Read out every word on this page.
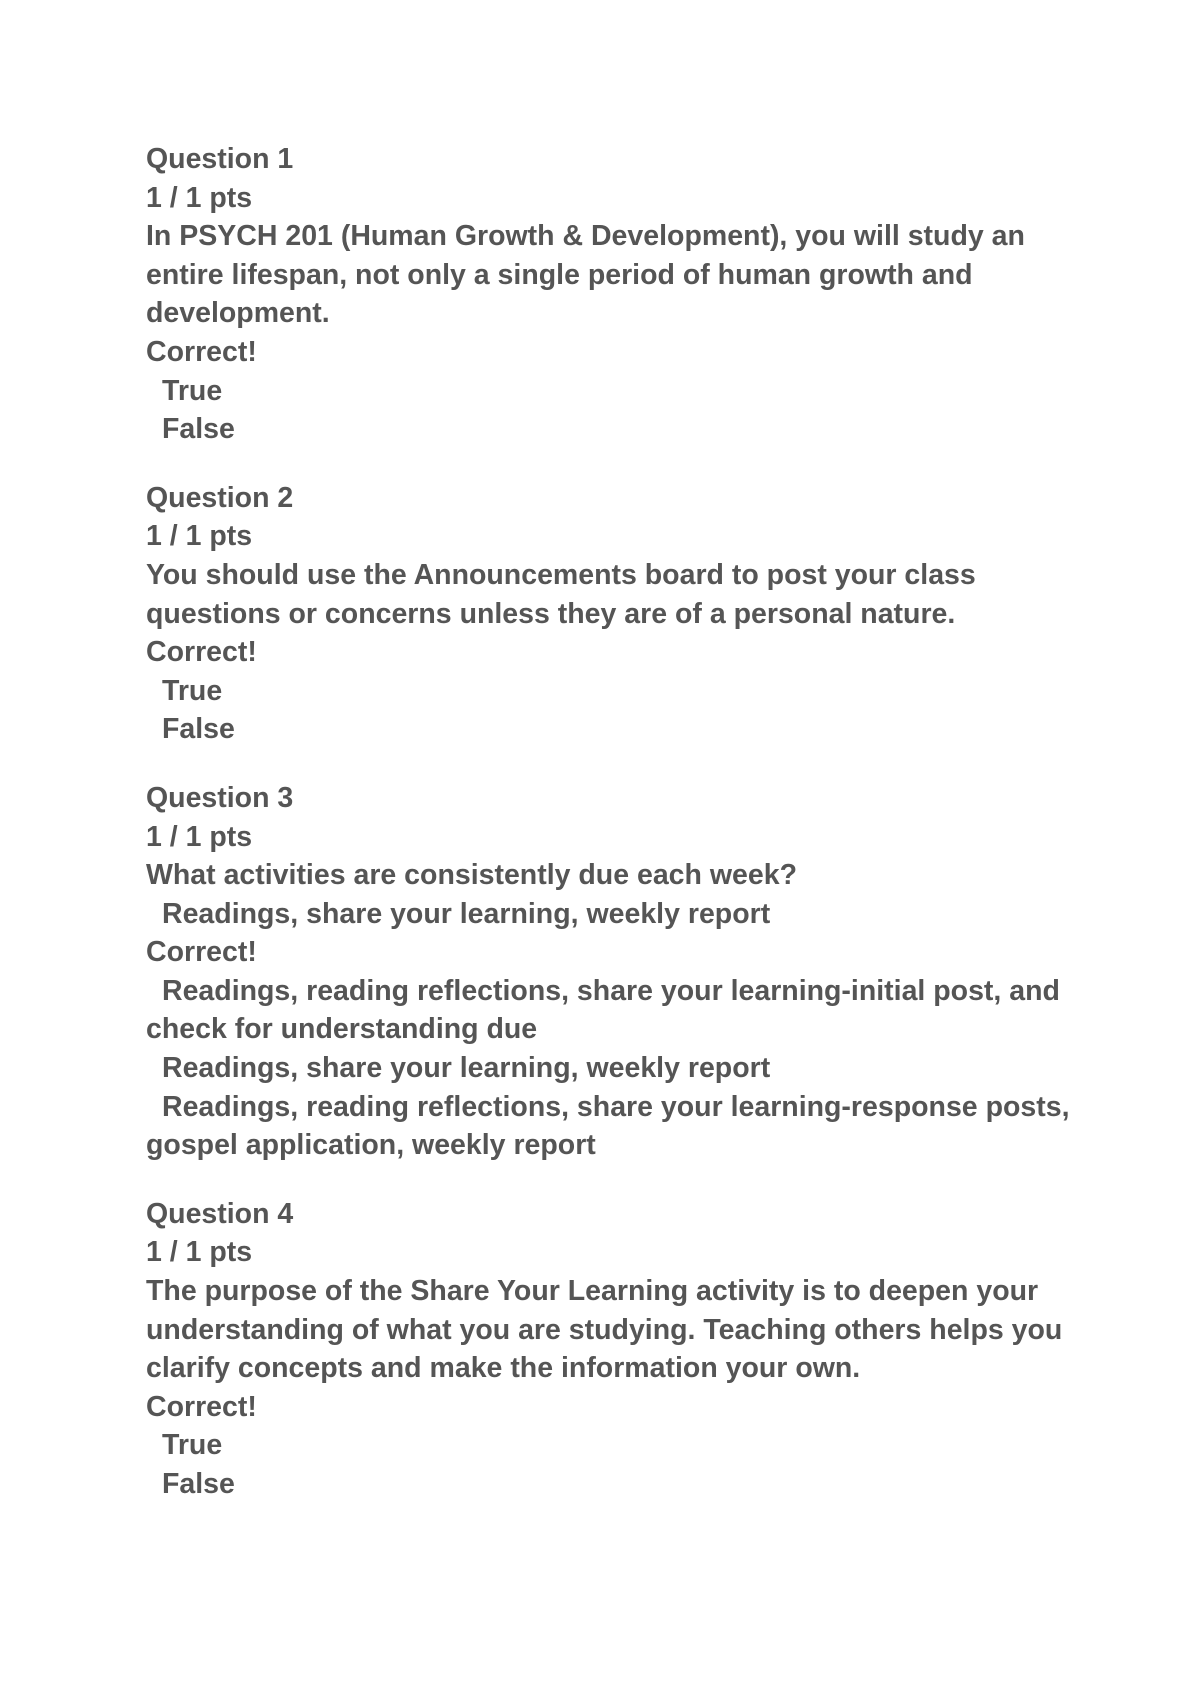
Question 1
1 / 1 pts
In PSYCH 201 (Human Growth & Development), you will study an entire lifespan, not only a single period of human growth and development.
Correct!
True
False
Question 2
1 / 1 pts
You should use the Announcements board to post your class questions or concerns unless they are of a personal nature.
Correct!
True
False
Question 3
1 / 1 pts
What activities are consistently due each week?
Readings, share your learning, weekly report
Correct!
Readings, reading reflections, share your learning-initial post, and check for understanding due
Readings, share your learning, weekly report
Readings, reading reflections, share your learning-response posts, gospel application, weekly report
Question 4
1 / 1 pts
The purpose of the Share Your Learning activity is to deepen your understanding of what you are studying. Teaching others helps you clarify concepts and make the information your own.
Correct!
True
False
